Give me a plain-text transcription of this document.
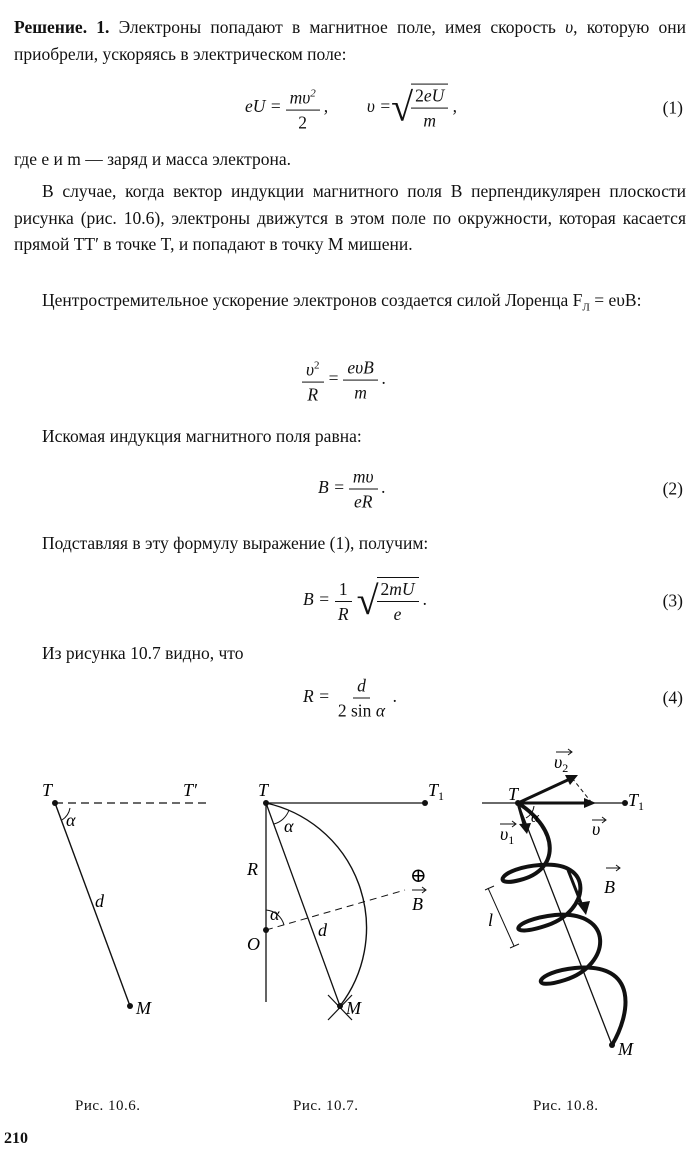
Решение. 1. Электроны попадают в магнитное поле, имея скорость υ, которую они приобрели, ускоряясь в электрическом поле:

eU = $\frac{m\upsilon^2}{2}$ ,  υ = √
$\frac{2eU}{m}$ ,	(1)

где e и m — заряд и масса электрона.

В случае, когда вектор индукции магнитного поля B перпендикулярен плоскости рисунка (рис. 10.6), электроны движутся в этом поле по окружности, которая касается прямой TT′ в точке T, и попадают в точку M мишени.

Центростремительное ускорение электронов создается силой Лоренца $F_Л = e\upsilon B$:

$\frac{\upsilon^2}{R} = \frac{\text{eυB}}{m}$ .

Искомая индукция магнитного поля равна:

$B = \frac{m\upsilon}{eR}$ .	(2)

Подставляя в эту формулу выражение (1), получим:

$B = \frac{1}{R}$ √
$\frac{2mU}{e}$ .	(3)

Из рисунка 10.7 видно, что

$R = \frac{d}{\text{2 sin α}}$ .	(4)
T	T′
α
d
M
T	$T_1$
α
R
α
O
d
M
⊕
B
T	$T_1$
$\upsilon_2$
$\upsilon_1$
υ
α
B
l
M
Рис. 10.6.	Рис. 10.7.	Рис. 10.8.
210
